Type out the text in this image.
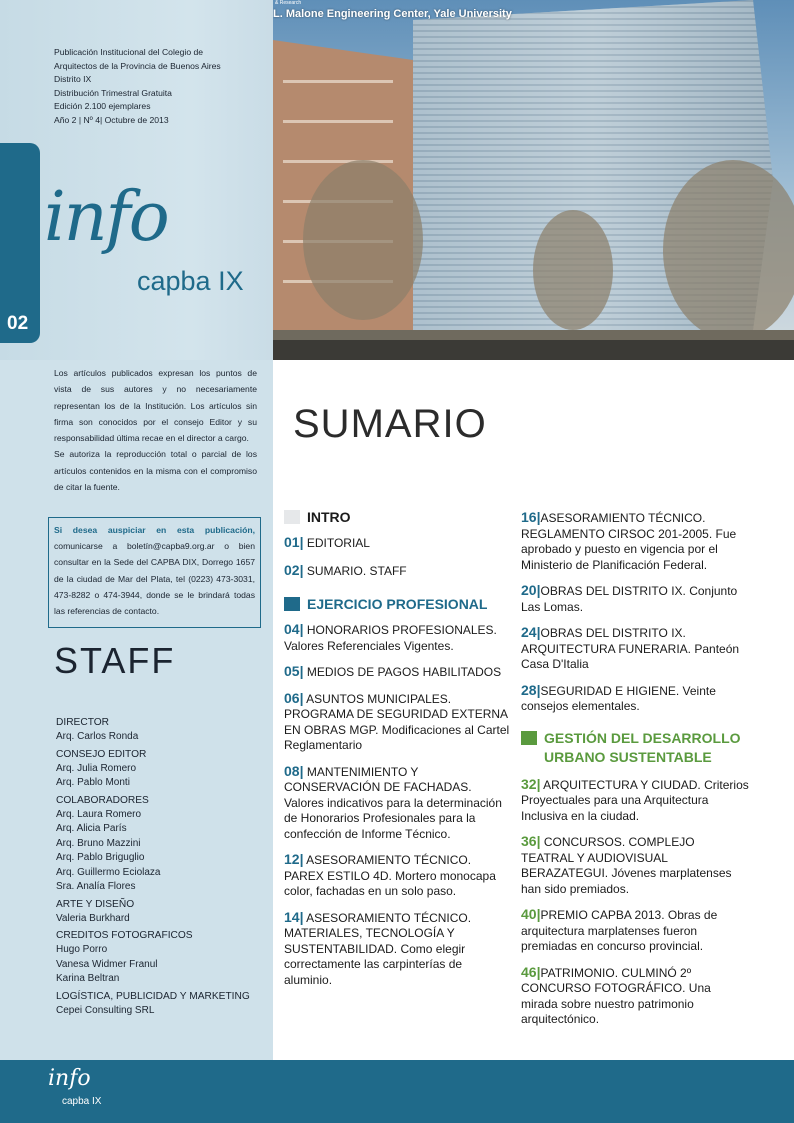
Publicación Institucional del Colegio de
Arquitectos de la Provincia de Buenos Aires
Distrito IX
Distribución Trimestral Gratuita
Edición 2.100 ejemplares
Año 2 | Nº 4| Octubre de 2013
02
info
capba IX
& Research
L. Malone Engineering Center, Yale University
Los artículos publicados expresan los puntos de vista de sus autores y no necesariamente representan los de la Institución. Los artículos sin firma son conocidos por el consejo Editor y su responsabilidad última recae en el director a cargo.
Se autoriza la reproducción total o parcial de los artículos contenidos en la misma con el compromiso de citar la fuente.
Si desea auspiciar en esta publicación, comunicarse a boletín@capba9.org.ar o bien consultar en la Sede del CAPBA DIX, Dorrego 1657 de la ciudad de Mar del Plata, tel (0223) 473-3031, 473-8282 o 474-3944, donde se le brindará todas las referencias de contacto.
STAFF
DIRECTOR
Arq. Carlos Ronda
CONSEJO EDITOR
Arq. Julia Romero
Arq. Pablo Monti
COLABORADORES
Arq. Laura Romero
Arq. Alicia París
Arq. Bruno Mazzini
Arq. Pablo Briguglio
Arq. Guillermo Eciolaza
Sra. Analía Flores
ARTE Y DISEÑO
Valeria Burkhard
CREDITOS FOTOGRAFICOS
Hugo Porro
Vanesa Widmer Franul
Karina Beltran
LOGÍSTICA, PUBLICIDAD Y MARKETING
Cepei Consulting SRL
SUMARIO
INTRO
01| EDITORIAL
02| SUMARIO. STAFF
EJERCICIO PROFESIONAL
04| HONORARIOS PROFESIONALES. Valores Referenciales Vigentes.
05| MEDIOS DE PAGOS HABILITADOS
06| ASUNTOS MUNICIPALES. PROGRAMA DE SEGURIDAD EXTERNA EN OBRAS MGP. Modificaciones al Cartel Reglamentario
08| MANTENIMIENTO Y CONSERVACIÓN DE FACHADAS. Valores indicativos para la determinación de Honorarios Profesionales para la confección de Informe Técnico.
12| ASESORAMIENTO TÉCNICO. PAREX ESTILO 4D. Mortero monocapa color, fachadas en un solo paso.
14| ASESORAMIENTO TÉCNICO. MATERIALES, TECNOLOGÍA Y SUSTENTABILIDAD. Como elegir correctamente las carpinterías de aluminio.
16|ASESORAMIENTO TÉCNICO. REGLAMENTO CIRSOC 201-2005. Fue aprobado y puesto en vigencia por el Ministerio de Planificación Federal.
20|OBRAS DEL DISTRITO IX. Conjunto Las Lomas.
24|OBRAS DEL DISTRITO IX. ARQUITECTURA FUNERARIA. Panteón Casa D'Italia
28|SEGURIDAD E HIGIENE. Veinte consejos elementales.
GESTIÓN DEL DESARROLLO URBANO SUSTENTABLE
32| ARQUITECTURA Y CIUDAD. Criterios Proyectuales para una Arquitectura Inclusiva en la ciudad.
36| CONCURSOS. COMPLEJO TEATRAL Y AUDIOVISUAL BERAZATEGUI. Jóvenes marplatenses han sido premiados.
40|PREMIO CAPBA 2013. Obras de arquitectura marplatenses fueron premiadas en concurso provincial.
46|PATRIMONIO. CULMINÓ 2º CONCURSO FOTOGRÁFICO. Una mirada sobre nuestro patrimonio arquitectónico.
info
capba IX
